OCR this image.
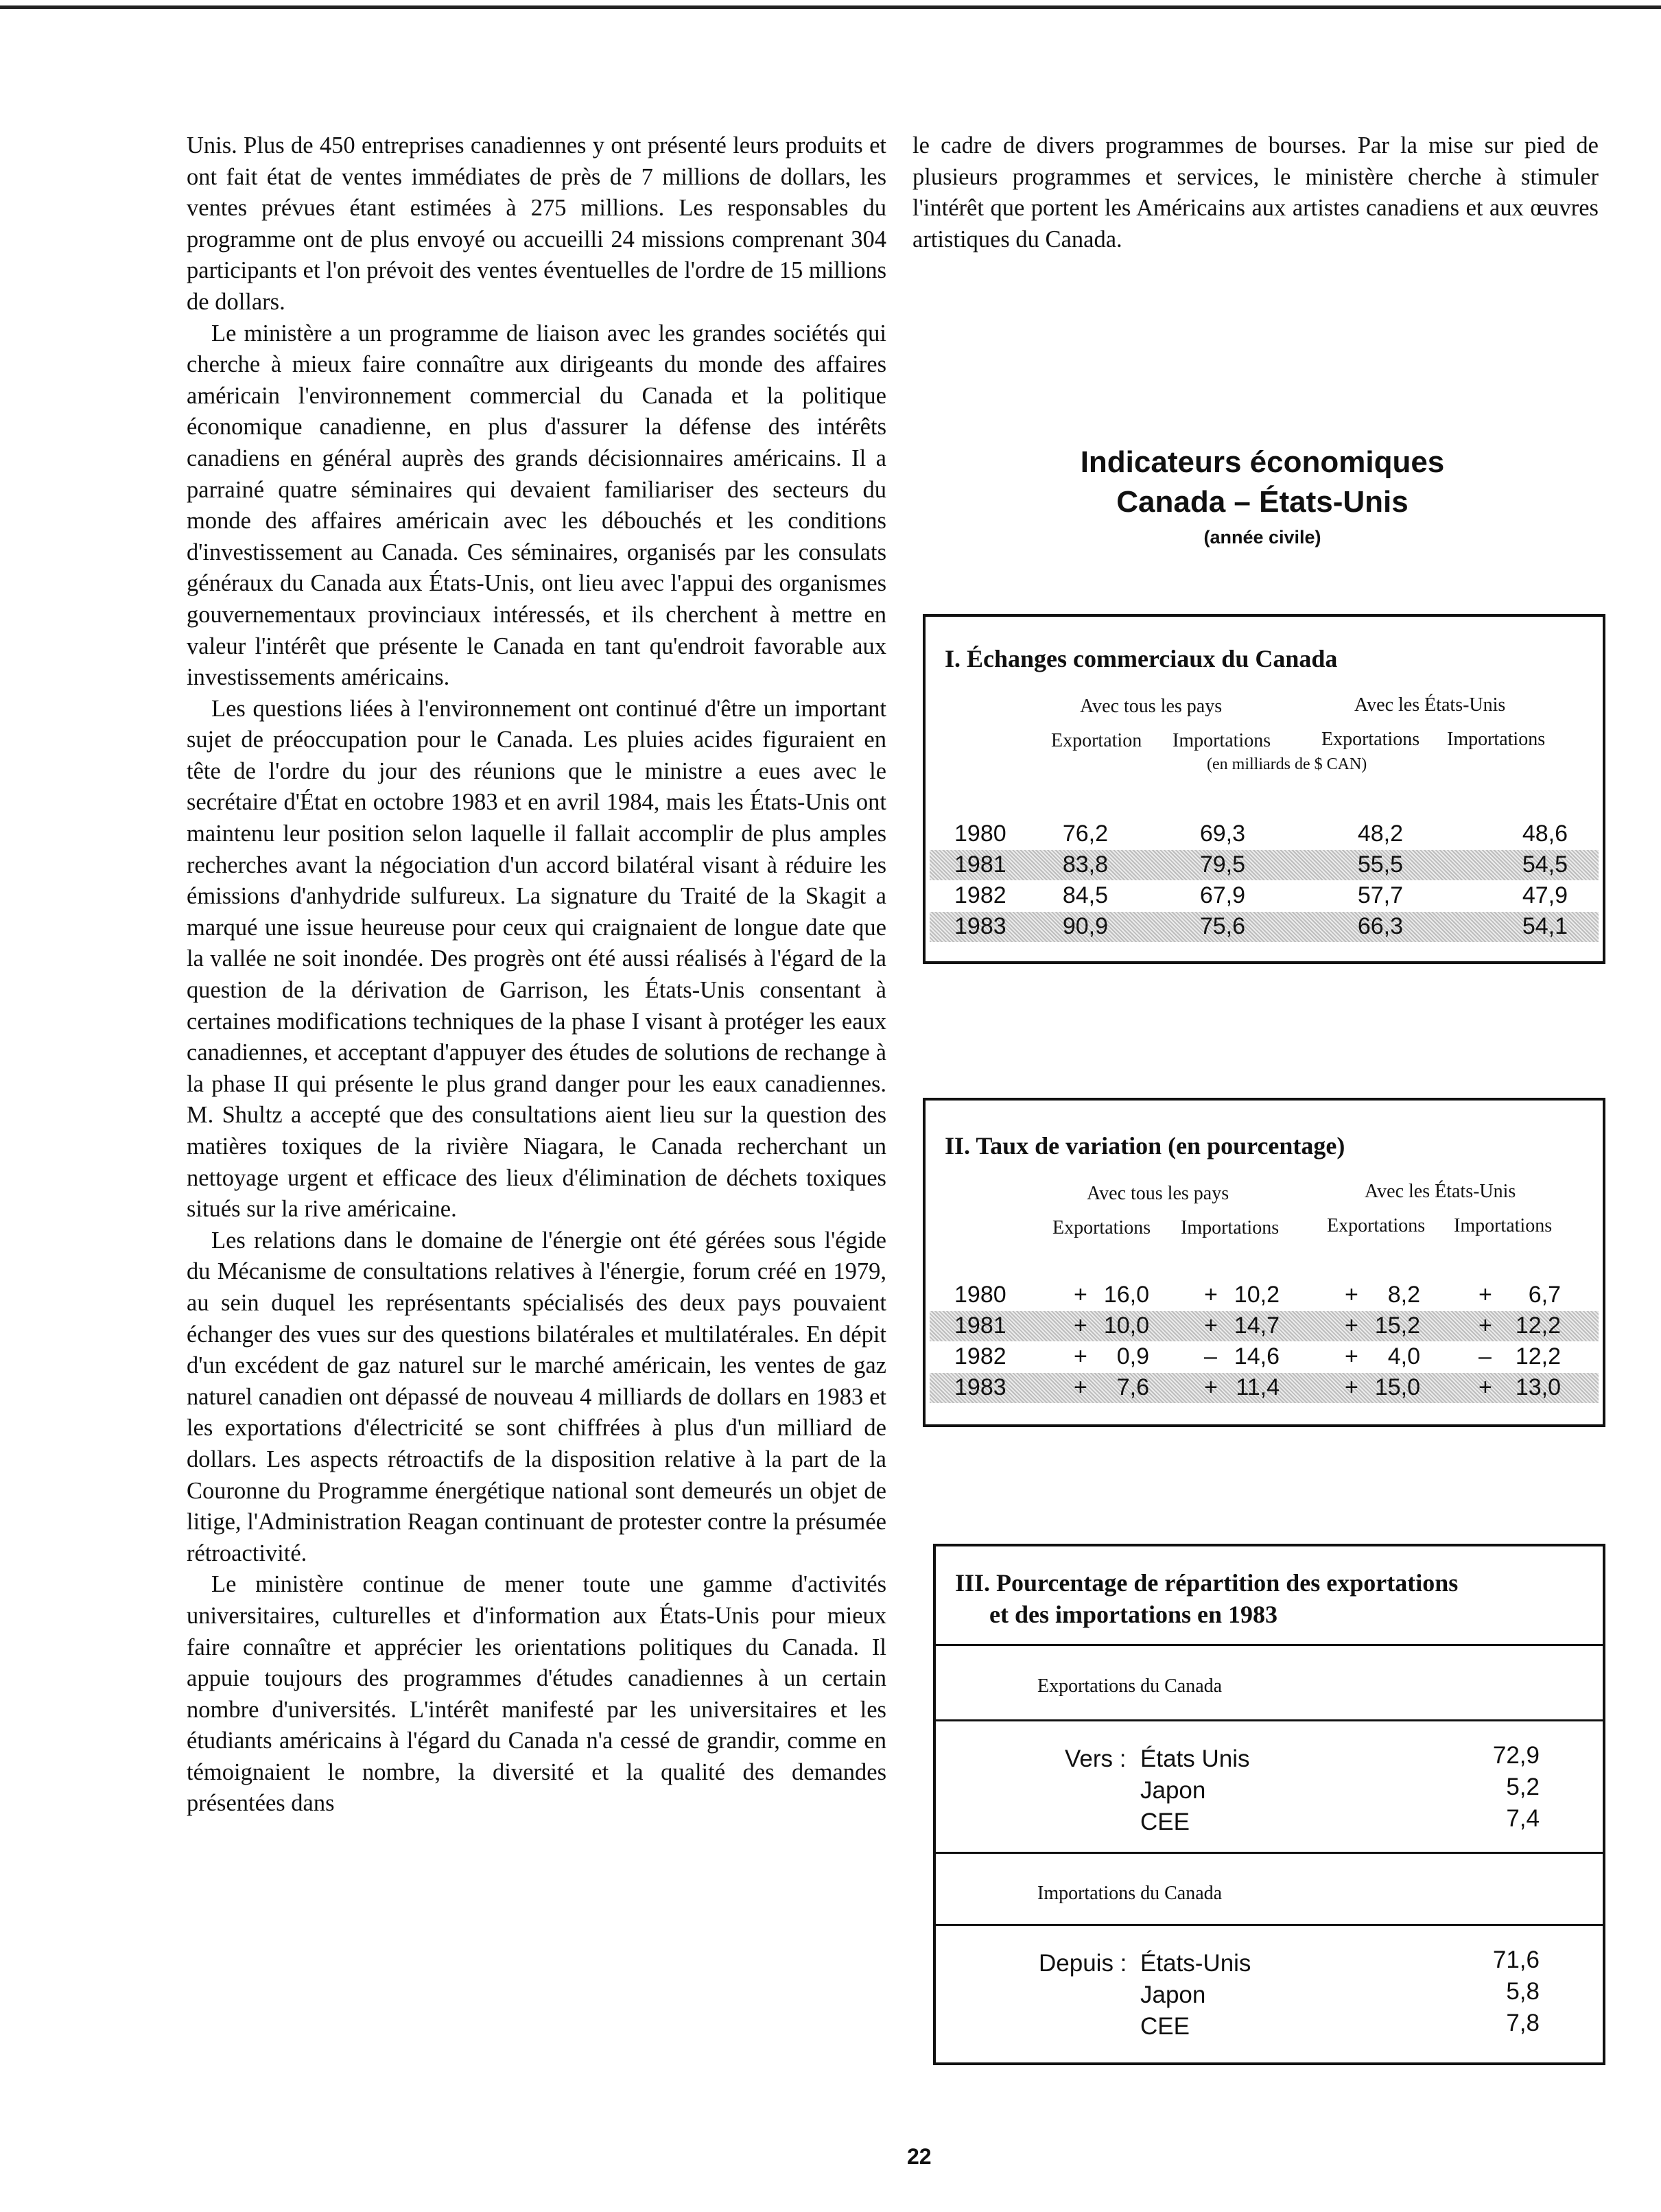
Unis. Plus de 450 entreprises canadiennes y ont présenté leurs produits et ont fait état de ventes immédiates de près de 7 millions de dollars, les ventes prévues étant estimées à 275 millions. Les responsables du programme ont de plus envoyé ou accueilli 24 missions comprenant 304 participants et l'on prévoit des ventes éventuelles de l'ordre de 15 millions de dollars.

Le ministère a un programme de liaison avec les grandes sociétés qui cherche à mieux faire connaître aux dirigeants du monde des affaires américain l'environnement commercial du Canada et la politique économique canadienne, en plus d'assurer la défense des intérêts canadiens en général auprès des grands décisionnaires américains. Il a parrainé quatre séminaires qui devaient familiariser des secteurs du monde des affaires américain avec les débouchés et les conditions d'investissement au Canada. Ces séminaires, organisés par les consulats généraux du Canada aux États-Unis, ont lieu avec l'appui des organismes gouvernementaux provinciaux intéressés, et ils cherchent à mettre en valeur l'intérêt que présente le Canada en tant qu'endroit favorable aux investissements américains.

Les questions liées à l'environnement ont continué d'être un important sujet de préoccupation pour le Canada. Les pluies acides figuraient en tête de l'ordre du jour des réunions que le ministre a eues avec le secrétaire d'État en octobre 1983 et en avril 1984, mais les États-Unis ont maintenu leur position selon laquelle il fallait accomplir de plus amples recherches avant la négociation d'un accord bilatéral visant à réduire les émissions d'anhydride sulfureux. La signature du Traité de la Skagit a marqué une issue heureuse pour ceux qui craignaient de longue date que la vallée ne soit inondée. Des progrès ont été aussi réalisés à l'égard de la question de la dérivation de Garrison, les États-Unis consentant à certaines modifications techniques de la phase I visant à protéger les eaux canadiennes, et acceptant d'appuyer des études de solutions de rechange à la phase II qui présente le plus grand danger pour les eaux canadiennes. M. Shultz a accepté que des consultations aient lieu sur la question des matières toxiques de la rivière Niagara, le Canada recherchant un nettoyage urgent et efficace des lieux d'élimination de déchets toxiques situés sur la rive américaine.

Les relations dans le domaine de l'énergie ont été gérées sous l'égide du Mécanisme de consultations relatives à l'énergie, forum créé en 1979, au sein duquel les représentants spécialisés des deux pays pouvaient échanger des vues sur des questions bilatérales et multilatérales. En dépit d'un excédent de gaz naturel sur le marché américain, les ventes de gaz naturel canadien ont dépassé de nouveau 4 milliards de dollars en 1983 et les exportations d'électricité se sont chiffrées à plus d'un milliard de dollars. Les aspects rétroactifs de la disposition relative à la part de la Couronne du Programme énergétique national sont demeurés un objet de litige, l'Administration Reagan continuant de protester contre la présumée rétroactivité.

Le ministère continue de mener toute une gamme d'activités universitaires, culturelles et d'information aux États-Unis pour mieux faire connaître et apprécier les orientations politiques du Canada. Il appuie toujours des programmes d'études canadiennes à un certain nombre d'universités. L'intérêt manifesté par les universitaires et les étudiants américains à l'égard du Canada n'a cessé de grandir, comme en témoignaient le nombre, la diversité et la qualité des demandes présentées dans

le cadre de divers programmes de bourses. Par la mise sur pied de plusieurs programmes et services, le ministère cherche à stimuler l'intérêt que portent les Américains aux artistes canadiens et aux œuvres artistiques du Canada.
Indicateurs économiques
Canada – États-Unis
(année civile)
I. Échanges commerciaux du Canada
Avec tous les pays	Avec les États-Unis
Exportation Importations	Exportations Importations
(en milliards de $ CAN)
1980	76,2	69,3	48,2	48,6
1981	83,8	79,5	55,5	54,5
1982	84,5	67,9	57,7	47,9
1983	90,9	75,6	66,3	54,1
II. Taux de variation (en pourcentage)
Avec tous les pays	Avec les États-Unis
Exportations Importations Exportations Importations
1980	+ 16,0 + 10,2	+	8,2	+	6,7
1981	+ 10,0 + 14,7	+ 15,2	+ 12,2
1982	+	0,9 – 14,6	+	4,0	–	12,2
1983	+	7,6 + 11,4	+ 15,0	+ 13,0
III. Pourcentage de répartition des exportations
et des importations en 1983
Exportations du Canada
Vers : États Unis	72,9
Japon	5,2
CEE	7,4
Importations du Canada
Depuis : États-Unis	71,6
Japon	5,8
CEE	7,8
22
